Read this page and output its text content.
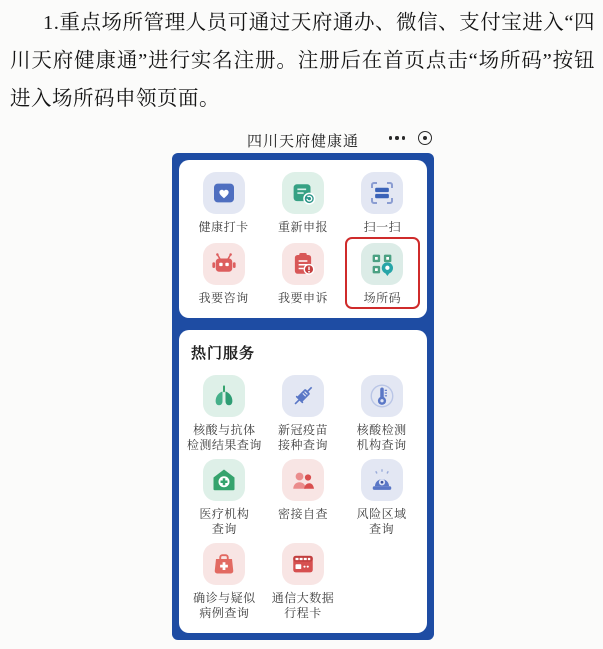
1.重点场所管理人员可通过天府通办、微信、支付宝进入“四
川天府健康通”进行实名注册。注册后在首页点击“场所码”按钮
进入场所码申领页面。
四川天府健康通
健康打卡 重新申报	扫一扫
我要咨询 我要申诉	场所码
热门服务
核酸与抗体
检测结果查询
新冠疫苗
接种查询
核酸检测
机构查询
医疗机构
查询
密接自查 风险区域
查询
确诊与疑似
病例查询
通信大数据
行程卡
